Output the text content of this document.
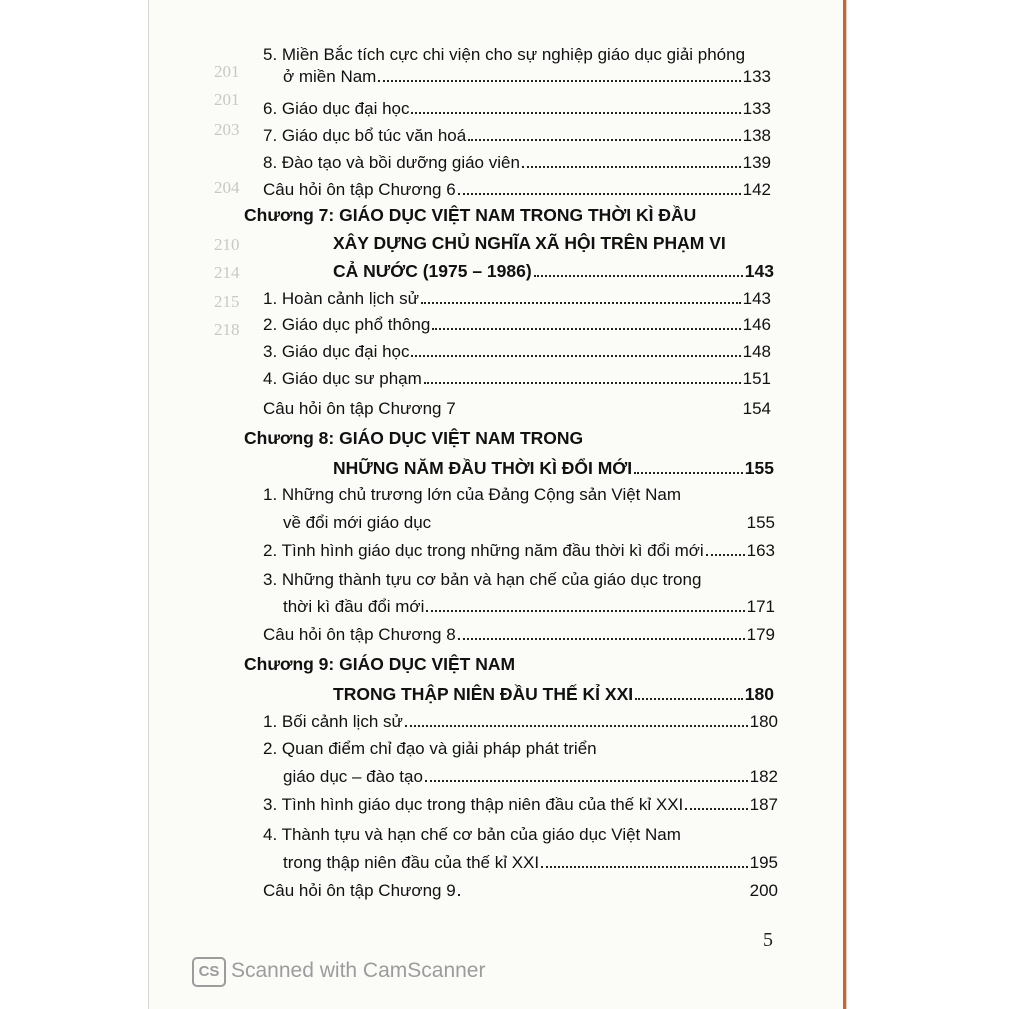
201
201
203
204
210
214
215
218
5. Miền Bắc tích cực chi viện cho sự nghiệp giáo dục giải phóng
ở miền Nam	133
6. Giáo dục đại học	133
7. Giáo dục bổ túc văn hoá	138
8. Đào tạo và bồi dưỡng giáo viên	139
Câu hỏi ôn tập Chương 6	142
Chương 7: GIÁO DỤC VIỆT NAM TRONG THỜI KÌ ĐẦU
XÂY DỰNG CHỦ NGHĨA XÃ HỘI TRÊN PHẠM VI
CẢ NƯỚC (1975 – 1986)	143
1. Hoàn cảnh lịch sử	143
2. Giáo dục phổ thông	146
3. Giáo dục đại học	148
4. Giáo dục sư phạm	151
Câu hỏi ôn tập Chương 7	154
Chương 8: GIÁO DỤC VIỆT NAM TRONG
NHỮNG NĂM ĐẦU THỜI KÌ ĐỔI MỚI	155
1. Những chủ trương lớn của Đảng Cộng sản Việt Nam
về đổi mới giáo dục	155
2. Tình hình giáo dục trong những năm đầu thời kì đổi mới	163
3. Những thành tựu cơ bản và hạn chế của giáo dục trong
thời kì đầu đổi mới	171
Câu hỏi ôn tập Chương 8	179
Chương 9: GIÁO DỤC VIỆT NAM
TRONG THẬP NIÊN ĐẦU THẾ KỈ XXI	180
1. Bối cảnh lịch sử	180
2. Quan điểm chỉ đạo và giải pháp phát triển
giáo dục – đào tạo	182
3. Tình hình giáo dục trong thập niên đầu của thế kỉ XXI	187
4. Thành tựu và hạn chế cơ bản của giáo dục Việt Nam
trong thập niên đầu của thế kỉ XXI	195
Câu hỏi ôn tập Chương 9	200
5
CS Scanned with CamScanner
